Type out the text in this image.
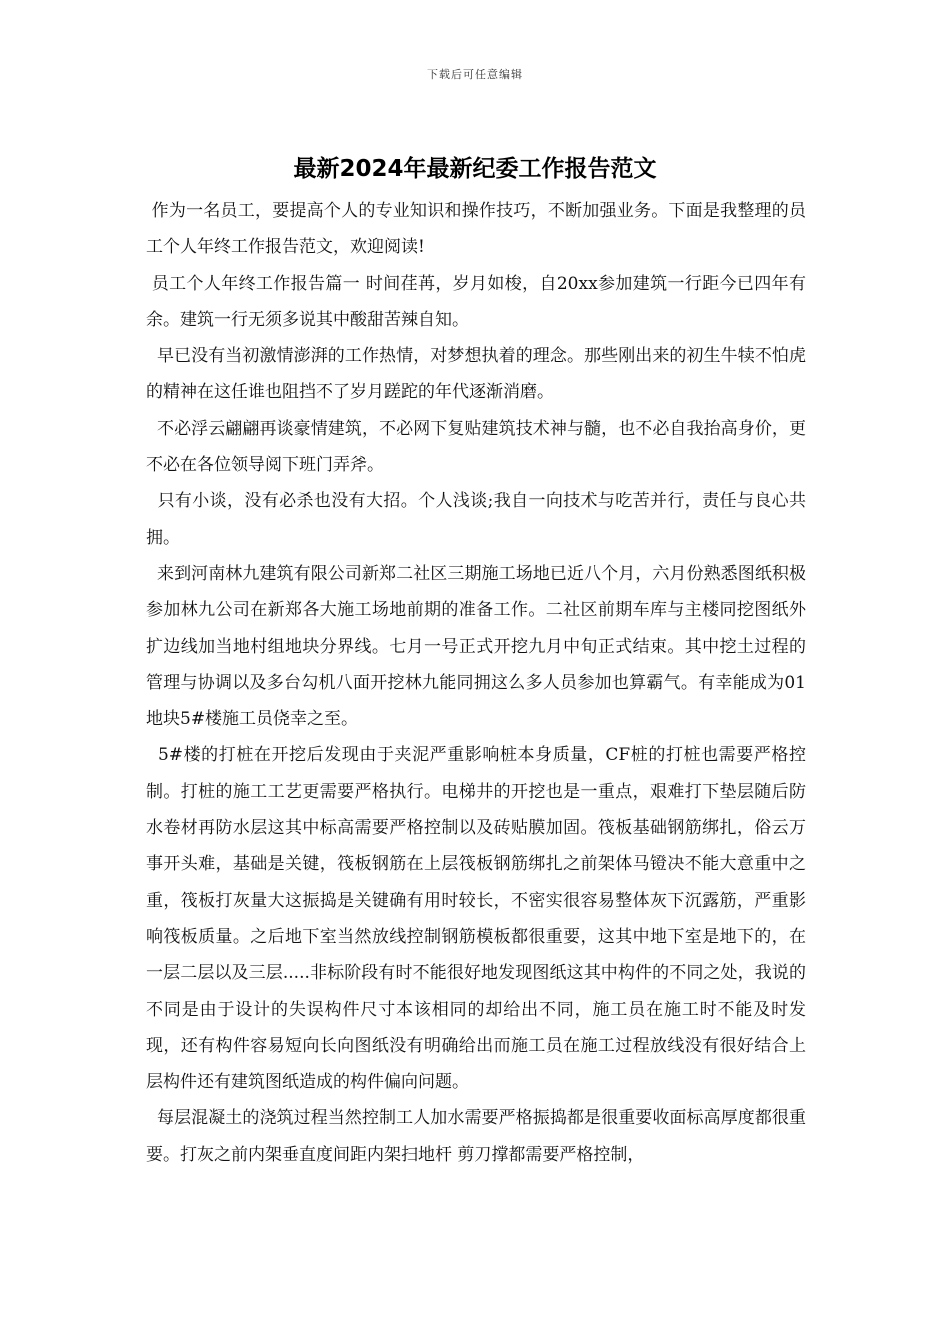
下载后可任意编辑
最新2024年最新纪委工作报告范文

作为一名员工，要提高个人的专业知识和操作技巧，不断加强业务。下面是我整理的员工个人年终工作报告范文，欢迎阅读!

员工个人年终工作报告篇一 时间荏苒，岁月如梭，自20xx参加建筑一行距今已四年有余。建筑一行无须多说其中酸甜苦辣自知。

早已没有当初激情澎湃的工作热情，对梦想执着的理念。那些刚出来的初生牛犊不怕虎的精神在这任谁也阻挡不了岁月蹉跎的年代逐渐消磨。

不必浮云翩翩再谈豪情建筑，不必网下复贴建筑技术神与髓，也不必自我抬高身价，更不必在各位领导阅下班门弄斧。

只有小谈，没有必杀也没有大招。个人浅谈;我自一向技术与吃苦并行，责任与良心共拥。

来到河南林九建筑有限公司新郑二社区三期施工场地已近八个月，六月份熟悉图纸积极参加林九公司在新郑各大施工场地前期的准备工作。二社区前期车库与主楼同挖图纸外扩边线加当地村组地块分界线。七月一号正式开挖九月中旬正式结束。其中挖土过程的管理与协调以及多台勾机八面开挖林九能同拥这么多人员参加也算霸气。有幸能成为01地块5#楼施工员侥幸之至。

5#楼的打桩在开挖后发现由于夹泥严重影响桩本身质量，CF桩的打桩也需要严格控制。打桩的施工工艺更需要严格执行。电梯井的开挖也是一重点，艰难打下垫层随后防水卷材再防水层这其中标高需要严格控制以及砖贴膜加固。筏板基础钢筋绑扎，俗云万事开头难，基础是关键，筏板钢筋在上层筏板钢筋绑扎之前架体马镫决不能大意重中之重，筏板打灰量大这振捣是关键确有用时较长，不密实很容易整体灰下沉露筋，严重影响筏板质量。之后地下室当然放线控制钢筋模板都很重要，这其中地下室是地下的，在一层二层以及三层.....非标阶段有时不能很好地发现图纸这其中构件的不同之处，我说的不同是由于设计的失误构件尺寸本该相同的却给出不同，施工员在施工时不能及时发现，还有构件容易短向长向图纸没有明确给出而施工员在施工过程放线没有很好结合上层构件还有建筑图纸造成的构件偏向问题。

每层混凝土的浇筑过程当然控制工人加水需要严格振捣都是很重要收面标高厚度都很重要。打灰之前内架垂直度间距内架扫地杆 剪刀撑都需要严格控制，
